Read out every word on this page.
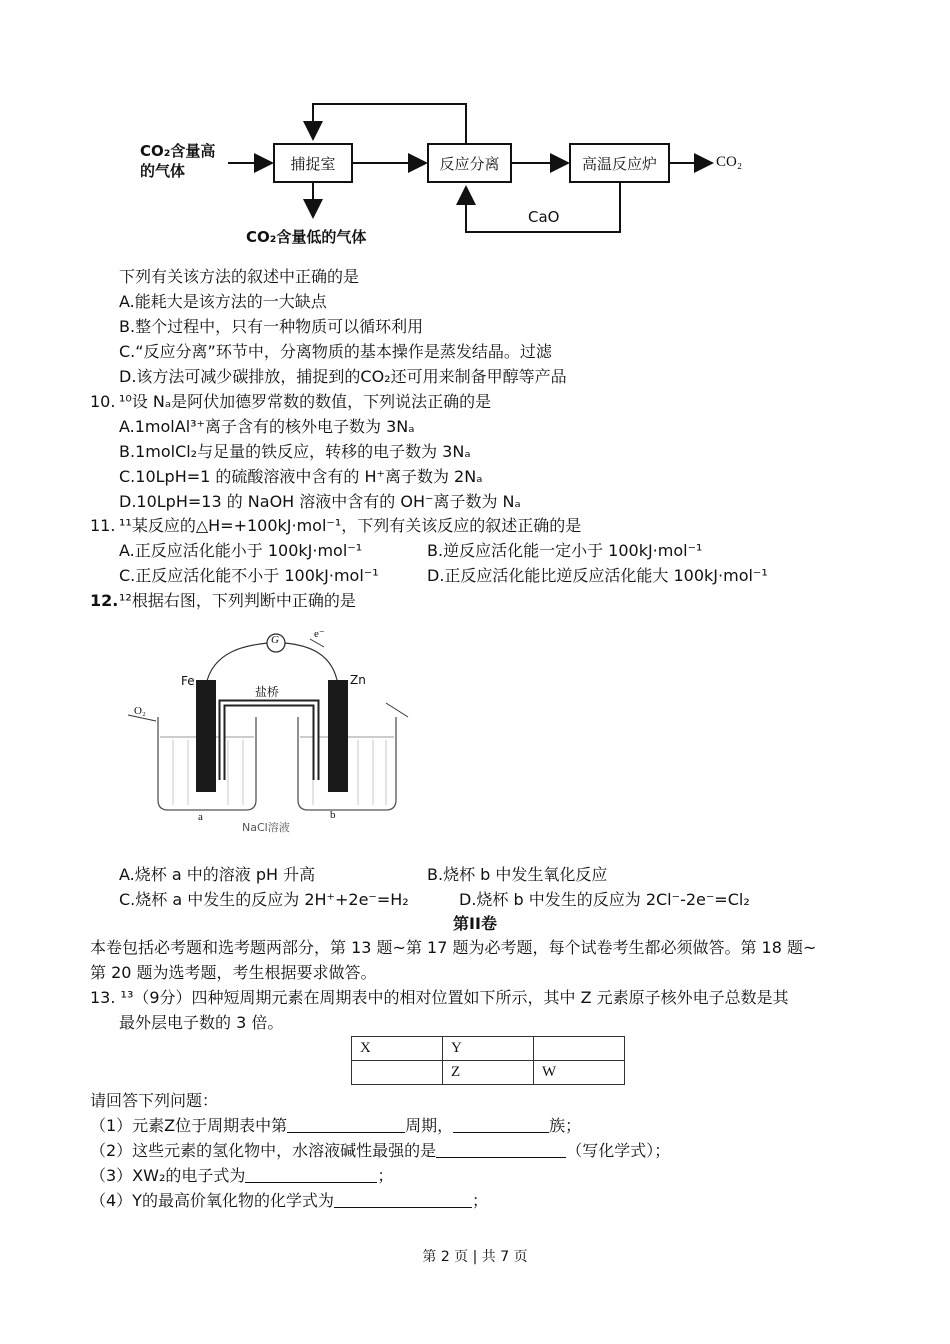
CO₂含量高
的气体	捕捉室	反应分离	高温反应炉	CO₂
CO₂含量低的气体
CaO
下列有关该方法的叙述中正确的是
A.能耗大是该方法的一大缺点
B.整个过程中，只有一种物质可以循环利用
C.“反应分离”环节中，分离物质的基本操作是蒸发结晶。过滤
D.该方法可减少碳排放，捕捉到的CO₂还可用来制备甲醇等产品
10. ¹⁰设 Nₐ是阿伏加德罗常数的数值，下列说法正确的是
A.1molAl³⁺离子含有的核外电子数为 3Nₐ
B.1molCl₂与足量的铁反应，转移的电子数为 3Nₐ
C.10LpH=1 的硫酸溶液中含有的 H⁺离子数为 2Nₐ
D.10LpH=13 的 NaOH 溶液中含有的 OH⁻离子数为 Nₐ
11. ¹¹某反应的△H=+100kJ·mol⁻¹，下列有关该反应的叙述正确的是
A.正反应活化能小于 100kJ·mol⁻¹	B.逆反应活化能一定小于 100kJ·mol⁻¹
C.正反应活化能不小于 100kJ·mol⁻¹	D.正反应活化能比逆反应活化能大 100kJ·mol⁻¹
12. ¹²根据右图，下列判断中正确的是
G	e⁻
Fe	Zn
盐桥
O₂
a	b
NaCl溶液
A.烧杯 a 中的溶液 pH 升高	B.烧杯 b 中发生氧化反应
C.烧杯 a 中发生的反应为 2H⁺+2e⁻=H₂	D.烧杯 b 中发生的反应为 2Cl⁻-2e⁻=Cl₂
第II卷
本卷包括必考题和选考题两部分，第 13 题~第 17 题为必考题，每个试卷考生都必须做答。第 18 题~
第 20 题为选考题，考生根据要求做答。
13. ¹³（9分）四种短周期元素在周期表中的相对位置如下所示，其中 Z 元素原子核外电子总数是其
最外层电子数的 3 倍。
X	Y	
	Z	W
请回答下列问题：
（1）元素Z位于周期表中第	周期，	族；
（2）这些元素的氢化物中，水溶液碱性最强的是	（写化学式）；
（3）XW₂的电子式为	；
（4）Y的最高价氧化物的化学式为	；
第 2 页 | 共 7 页
